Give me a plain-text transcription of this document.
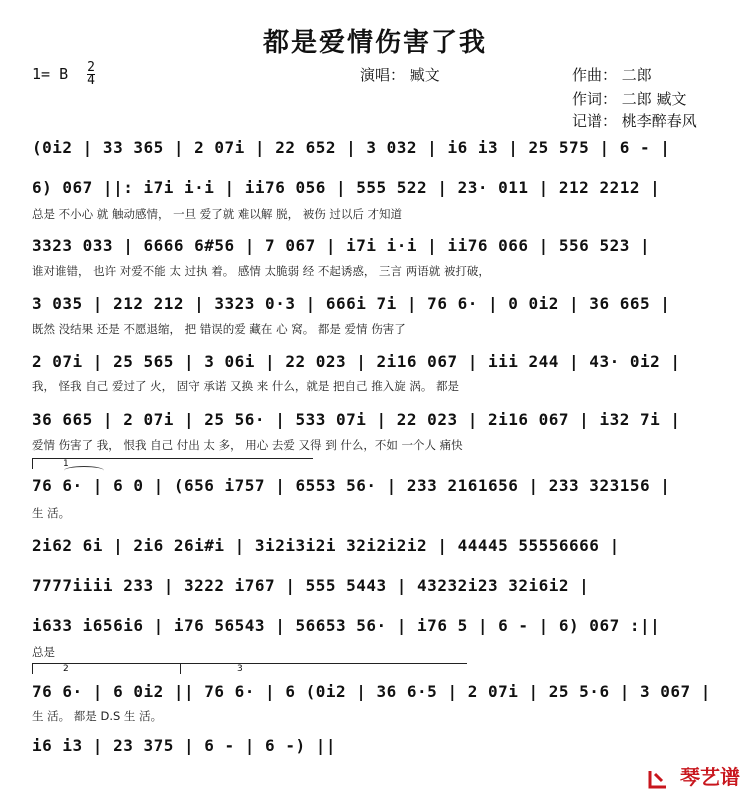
都是爱情伤害了我
1= B $\frac{2}{4}$	演唱： 臧文	作曲： 二郎
作词： 二郎 臧文
记谱： 桃李醉春风
(0i2 | 33 365 | 2 07i | 22 652 | 3 032 | i6 i3 | 25 575 | 6 - |
6) 067 ||: i7i i·i | ii76 056 | 555 522 | 23· 011 | 212 2212 |
总是 不小心 就 触动感情， 一旦 爱了就 难以解 脱， 被伤 过以后 才知道
3323 033 | 6666 6#56 | 7 067 | i7i i·i | ii76 066 | 556 523 |
谁对谁错， 也许 对爱不能 太 过执 着。 感情 太脆弱 经 不起诱惑， 三言 两语就 被打破，
3 035 | 212 212 | 3323 0·3 | 666i 7i | 76 6· | 0 0i2 | 36 665 |
既然 没结果 还是 不愿退缩， 把 错误的爱 藏在 心 窝。 都是 爱情 伤害了
2 07i | 25 565 | 3 06i | 22 023 | 2i16 067 | iii 244 | 43· 0i2 |
我， 怪我 自己 爱过了 火， 固守 承诺 又换 来 什么，就是 把自己 推入旋 涡。 都是
36 665 | 2 07i | 25 56· | 533 07i | 22 023 | 2i16 067 | i32 7i |
爱情 伤害了 我， 恨我 自己 付出 太 多， 用心 去爱 又得 到 什么，不如 一个人 痛快
1
76 6· | 6 0 | (656 i757 | 6553 56· | 233 2161656 | 233 323156 |
生 活。
2i62 6i | 2i6 26i#i | 3i2i3i2i 32i2i2i2 | 44445 55556666 |
7777iiii 233 | 3222 i767 | 555 5443 | 43232i23 32i6i2 |
i633 i656i6 | i76 56543 | 56653 56· | i76 5 | 6 - | 6) 067 :||
总是
2	3
76 6· | 6 0i2 || 76 6· | 6 (0i2 | 36 6·5 | 2 07i | 25 5·6 | 3 067 |
生 活。 都是 D.S 生 活。
i6 i3 | 23 375 | 6 - | 6 -) ||
琴艺谱
